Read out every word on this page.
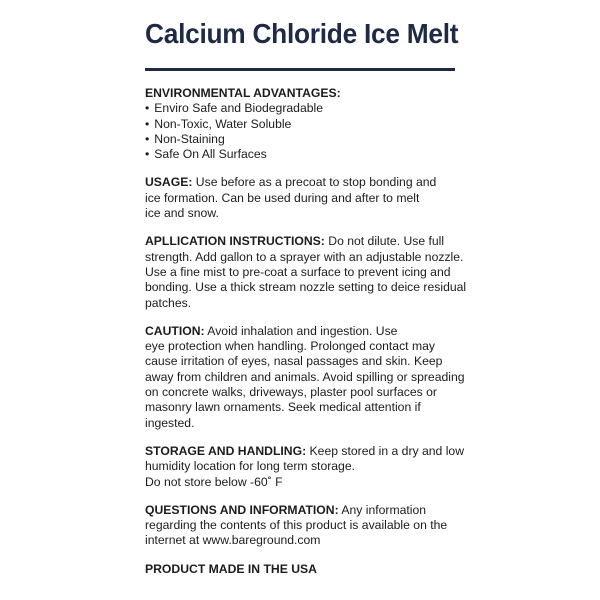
Calcium Chloride Ice Melt
ENVIRONMENTAL ADVANTAGES:
• Enviro Safe and Biodegradable
• Non-Toxic, Water Soluble
• Non-Staining
• Safe On All Surfaces
USAGE: Use before as a precoat to stop bonding and
ice formation. Can be used during and after to melt
ice and snow.
APLLICATION INSTRUCTIONS: Do not dilute. Use full
strength. Add gallon to a sprayer with an adjustable nozzle.
Use a fine mist to pre-coat a surface to prevent icing and
bonding. Use a thick stream nozzle setting to deice residual
patches.
CAUTION: Avoid inhalation and ingestion. Use
eye protection when handling. Prolonged contact may
cause irritation of eyes, nasal passages and skin. Keep
away from children and animals. Avoid spilling or spreading
on concrete walks, driveways, plaster pool surfaces or
masonry lawn ornaments. Seek medical attention if
ingested.
STORAGE AND HANDLING: Keep stored in a dry and low
humidity location for long term storage.
Do not store below -60˚ F
QUESTIONS AND INFORMATION: Any information
regarding the contents of this product is available on the
internet at www.bareground.com
PRODUCT MADE IN THE USA
